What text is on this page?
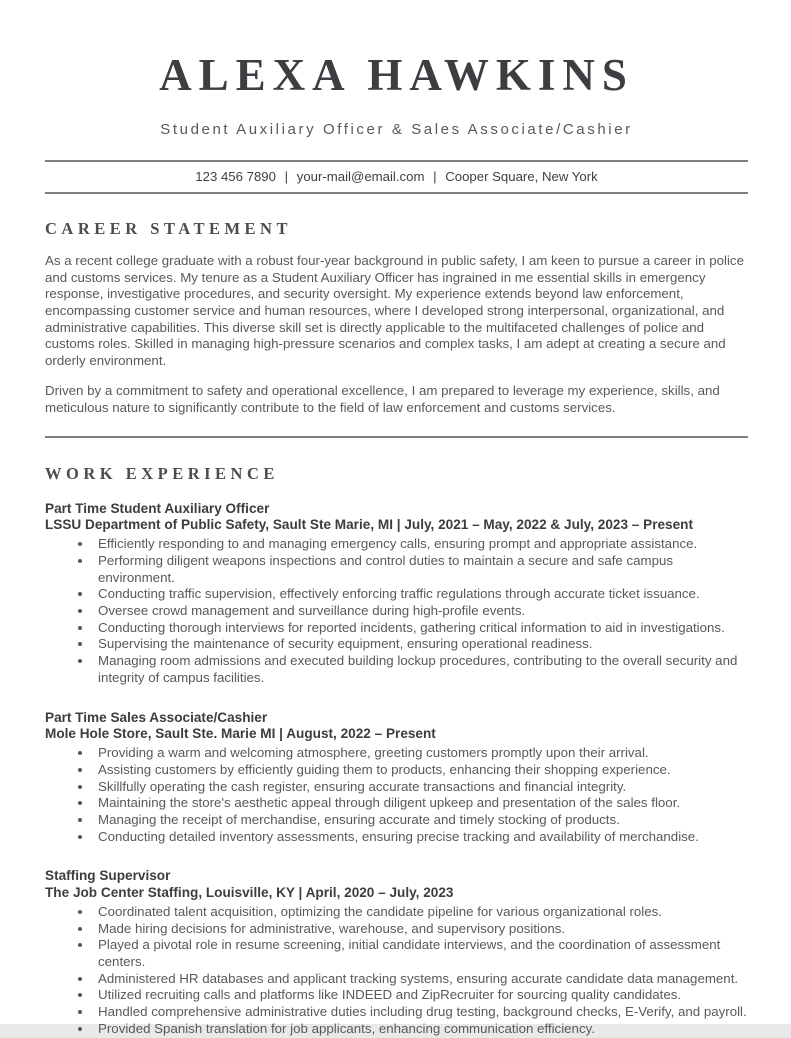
ALEXA HAWKINS
Student Auxiliary Officer & Sales Associate/Cashier
123 456 7890 | your-mail@email.com | Cooper Square, New York
CAREER STATEMENT

As a recent college graduate with a robust four-year background in public safety, I am keen to pursue a career in police and customs services. My tenure as a Student Auxiliary Officer has ingrained in me essential skills in emergency response, investigative procedures, and security oversight. My experience extends beyond law enforcement, encompassing customer service and human resources, where I developed strong interpersonal, organizational, and administrative capabilities. This diverse skill set is directly applicable to the multifaceted challenges of police and customs roles. Skilled in managing high-pressure scenarios and complex tasks, I am adept at creating a secure and orderly environment.

Driven by a commitment to safety and operational excellence, I am prepared to leverage my experience, skills, and meticulous nature to significantly contribute to the field of law enforcement and customs services.

WORK EXPERIENCE
Part Time Student Auxiliary Officer
LSSU Department of Public Safety, Sault Ste Marie, MI | July, 2021 – May, 2022 & July, 2023 – Present
• Efficiently responding to and managing emergency calls, ensuring prompt and appropriate assistance.
• Performing diligent weapons inspections and control duties to maintain a secure and safe campus environment.
• Conducting traffic supervision, effectively enforcing traffic regulations through accurate ticket issuance.
• Oversee crowd management and surveillance during high-profile events.
• Conducting thorough interviews for reported incidents, gathering critical information to aid in investigations.
• Supervising the maintenance of security equipment, ensuring operational readiness.
• Managing room admissions and executed building lockup procedures, contributing to the overall security and integrity of campus facilities.
Part Time Sales Associate/Cashier
Mole Hole Store, Sault Ste. Marie MI | August, 2022 – Present
• Providing a warm and welcoming atmosphere, greeting customers promptly upon their arrival.
• Assisting customers by efficiently guiding them to products, enhancing their shopping experience.
• Skillfully operating the cash register, ensuring accurate transactions and financial integrity.
• Maintaining the store's aesthetic appeal through diligent upkeep and presentation of the sales floor.
• Managing the receipt of merchandise, ensuring accurate and timely stocking of products.
• Conducting detailed inventory assessments, ensuring precise tracking and availability of merchandise.
Staffing Supervisor
The Job Center Staffing, Louisville, KY | April, 2020 – July, 2023
• Coordinated talent acquisition, optimizing the candidate pipeline for various organizational roles.
• Made hiring decisions for administrative, warehouse, and supervisory positions.
• Played a pivotal role in resume screening, initial candidate interviews, and the coordination of assessment centers.
• Administered HR databases and applicant tracking systems, ensuring accurate candidate data management.
• Utilized recruiting calls and platforms like INDEED and ZipRecruiter for sourcing quality candidates.
• Handled comprehensive administrative duties including drug testing, background checks, E-Verify, and payroll.
• Provided Spanish translation for job applicants, enhancing communication efficiency.
